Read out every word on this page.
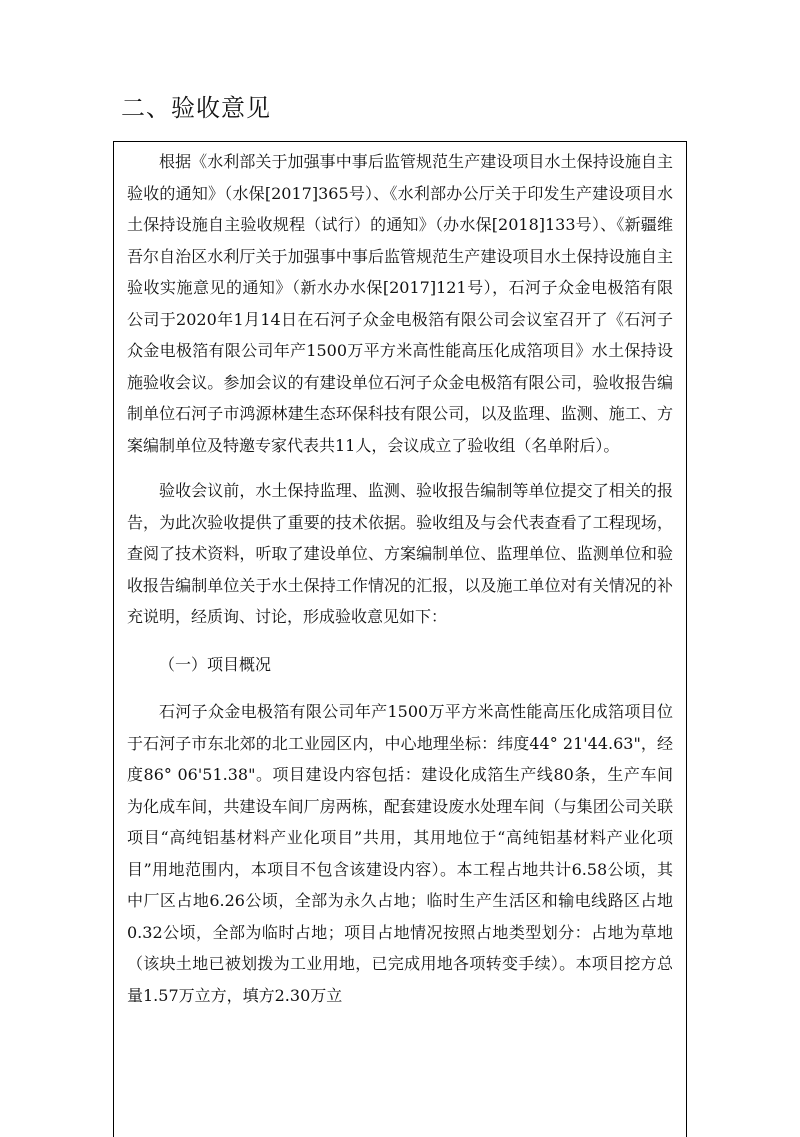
二、验收意见

根据《水利部关于加强事中事后监管规范生产建设项目水土保持设施自主验收的通知》（水保[2017]365号）、《水利部办公厅关于印发生产建设项目水土保持设施自主验收规程（试行）的通知》（办水保[2018]133号）、《新疆维吾尔自治区水利厅关于加强事中事后监管规范生产建设项目水土保持设施自主验收实施意见的通知》（新水办水保[2017]121号），石河子众金电极箔有限公司于2020年1月14日在石河子众金电极箔有限公司会议室召开了《石河子众金电极箔有限公司年产1500万平方米高性能高压化成箔项目》水土保持设施验收会议。参加会议的有建设单位石河子众金电极箔有限公司，验收报告编制单位石河子市鸿源林建生态环保科技有限公司，以及监理、监测、施工、方案编制单位及特邀专家代表共11人，会议成立了验收组（名单附后）。

验收会议前，水土保持监理、监测、验收报告编制等单位提交了相关的报告，为此次验收提供了重要的技术依据。验收组及与会代表查看了工程现场，查阅了技术资料，听取了建设单位、方案编制单位、监理单位、监测单位和验收报告编制单位关于水土保持工作情况的汇报，以及施工单位对有关情况的补充说明，经质询、讨论，形成验收意见如下：

（一）项目概况

石河子众金电极箔有限公司年产1500万平方米高性能高压化成箔项目位于石河子市东北郊的北工业园区内，中心地理坐标：纬度44° 21'44.63"，经度86° 06'51.38"。项目建设内容包括：建设化成箔生产线80条，生产车间为化成车间，共建设车间厂房两栋，配套建设废水处理车间（与集团公司关联项目“高纯铝基材料产业化项目”共用，其用地位于“高纯铝基材料产业化项目”用地范围内，本项目不包含该建设内容）。本工程占地共计6.58公顷，其中厂区占地6.26公顷，全部为永久占地；临时生产生活区和输电线路区占地0.32公顷，全部为临时占地；项目占地情况按照占地类型划分：占地为草地（该块土地已被划拨为工业用地，已完成用地各项转变手续）。本项目挖方总量1.57万立方，填方2.30万立
